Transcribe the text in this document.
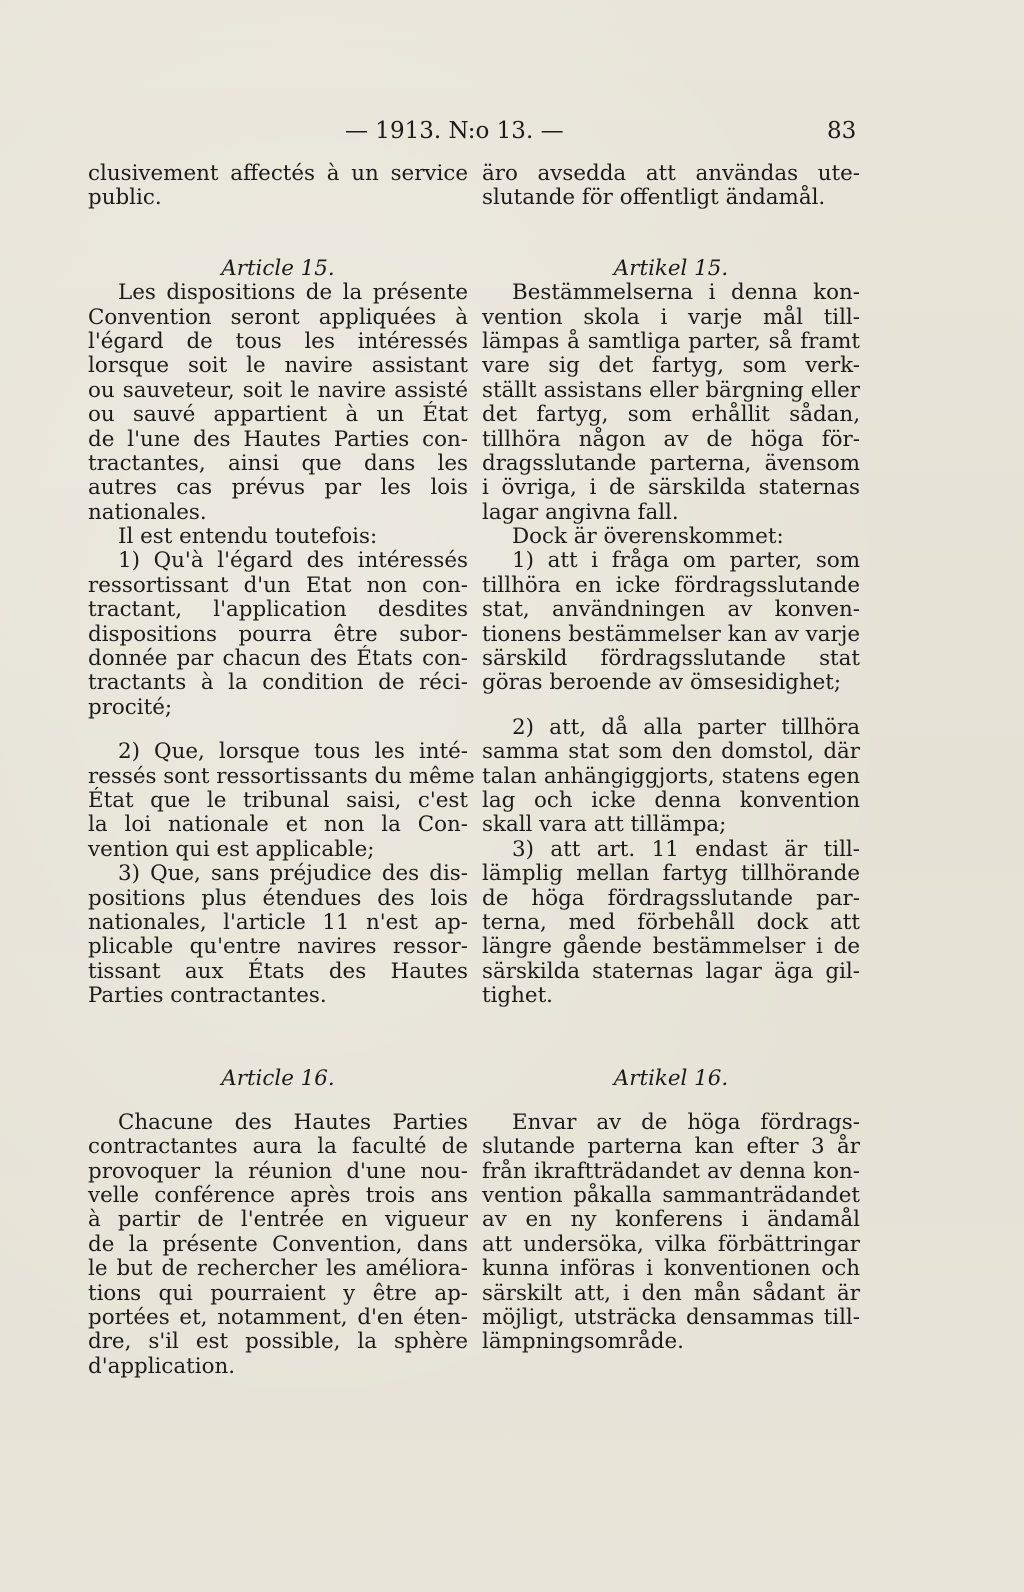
— 1913. N:o 13. —	83
clusivement affectés à un service
public.
Article 15.
Les dispositions de la présente
Convention seront appliquées à
l'égard de tous les intéressés
lorsque soit le navire assistant
ou sauveteur, soit le navire assisté
ou sauvé appartient à un État
de l'une des Hautes Parties con-
tractantes, ainsi que dans les
autres cas prévus par les lois
nationales.
Il est entendu toutefois:
1) Qu'à l'égard des intéressés
ressortissant d'un Etat non con-
tractant, l'application desdites
dispositions pourra être subor-
donnée par chacun des États con-
tractants à la condition de réci-
procité;
2) Que, lorsque tous les inté-
ressés sont ressortissants du même
État que le tribunal saisi, c'est
la loi nationale et non la Con-
vention qui est applicable;
3) Que, sans préjudice des dis-
positions plus étendues des lois
nationales, l'article 11 n'est ap-
plicable qu'entre navires ressor-
tissant aux États des Hautes
Parties contractantes.
Article 16.
Chacune des Hautes Parties
contractantes aura la faculté de
provoquer la réunion d'une nou-
velle conférence après trois ans
à partir de l'entrée en vigueur
de la présente Convention, dans
le but de rechercher les améliora-
tions qui pourraient y être ap-
portées et, notamment, d'en éten-
dre, s'il est possible, la sphère
d'application.
äro avsedda att användas ute-
slutande för offentligt ändamål.
Artikel 15.
Bestämmelserna i denna kon-
vention skola i varje mål till-
lämpas å samtliga parter, så framt
vare sig det fartyg, som verk-
ställt assistans eller bärgning eller
det fartyg, som erhållit sådan,
tillhöra någon av de höga för-
dragsslutande parterna, ävensom
i övriga, i de särskilda staternas
lagar angivna fall.
Dock är överenskommet:
1) att i fråga om parter, som
tillhöra en icke fördragsslutande
stat, användningen av konven-
tionens bestämmelser kan av varje
särskild fördragsslutande stat
göras beroende av ömsesidighet;
2) att, då alla parter tillhöra
samma stat som den domstol, där
talan anhängiggjorts, statens egen
lag och icke denna konvention
skall vara att tillämpa;
3) att art. 11 endast är till-
lämplig mellan fartyg tillhörande
de höga fördragsslutande par-
terna, med förbehåll dock att
längre gående bestämmelser i de
särskilda staternas lagar äga gil-
tighet.
Artikel 16.
Envar av de höga fördrags-
slutande parterna kan efter 3 år
från ikraftträdandet av denna kon-
vention påkalla sammanträdandet
av en ny konferens i ändamål
att undersöka, vilka förbättringar
kunna införas i konventionen och
särskilt att, i den mån sådant är
möjligt, utsträcka densammas till-
lämpningsområde.
